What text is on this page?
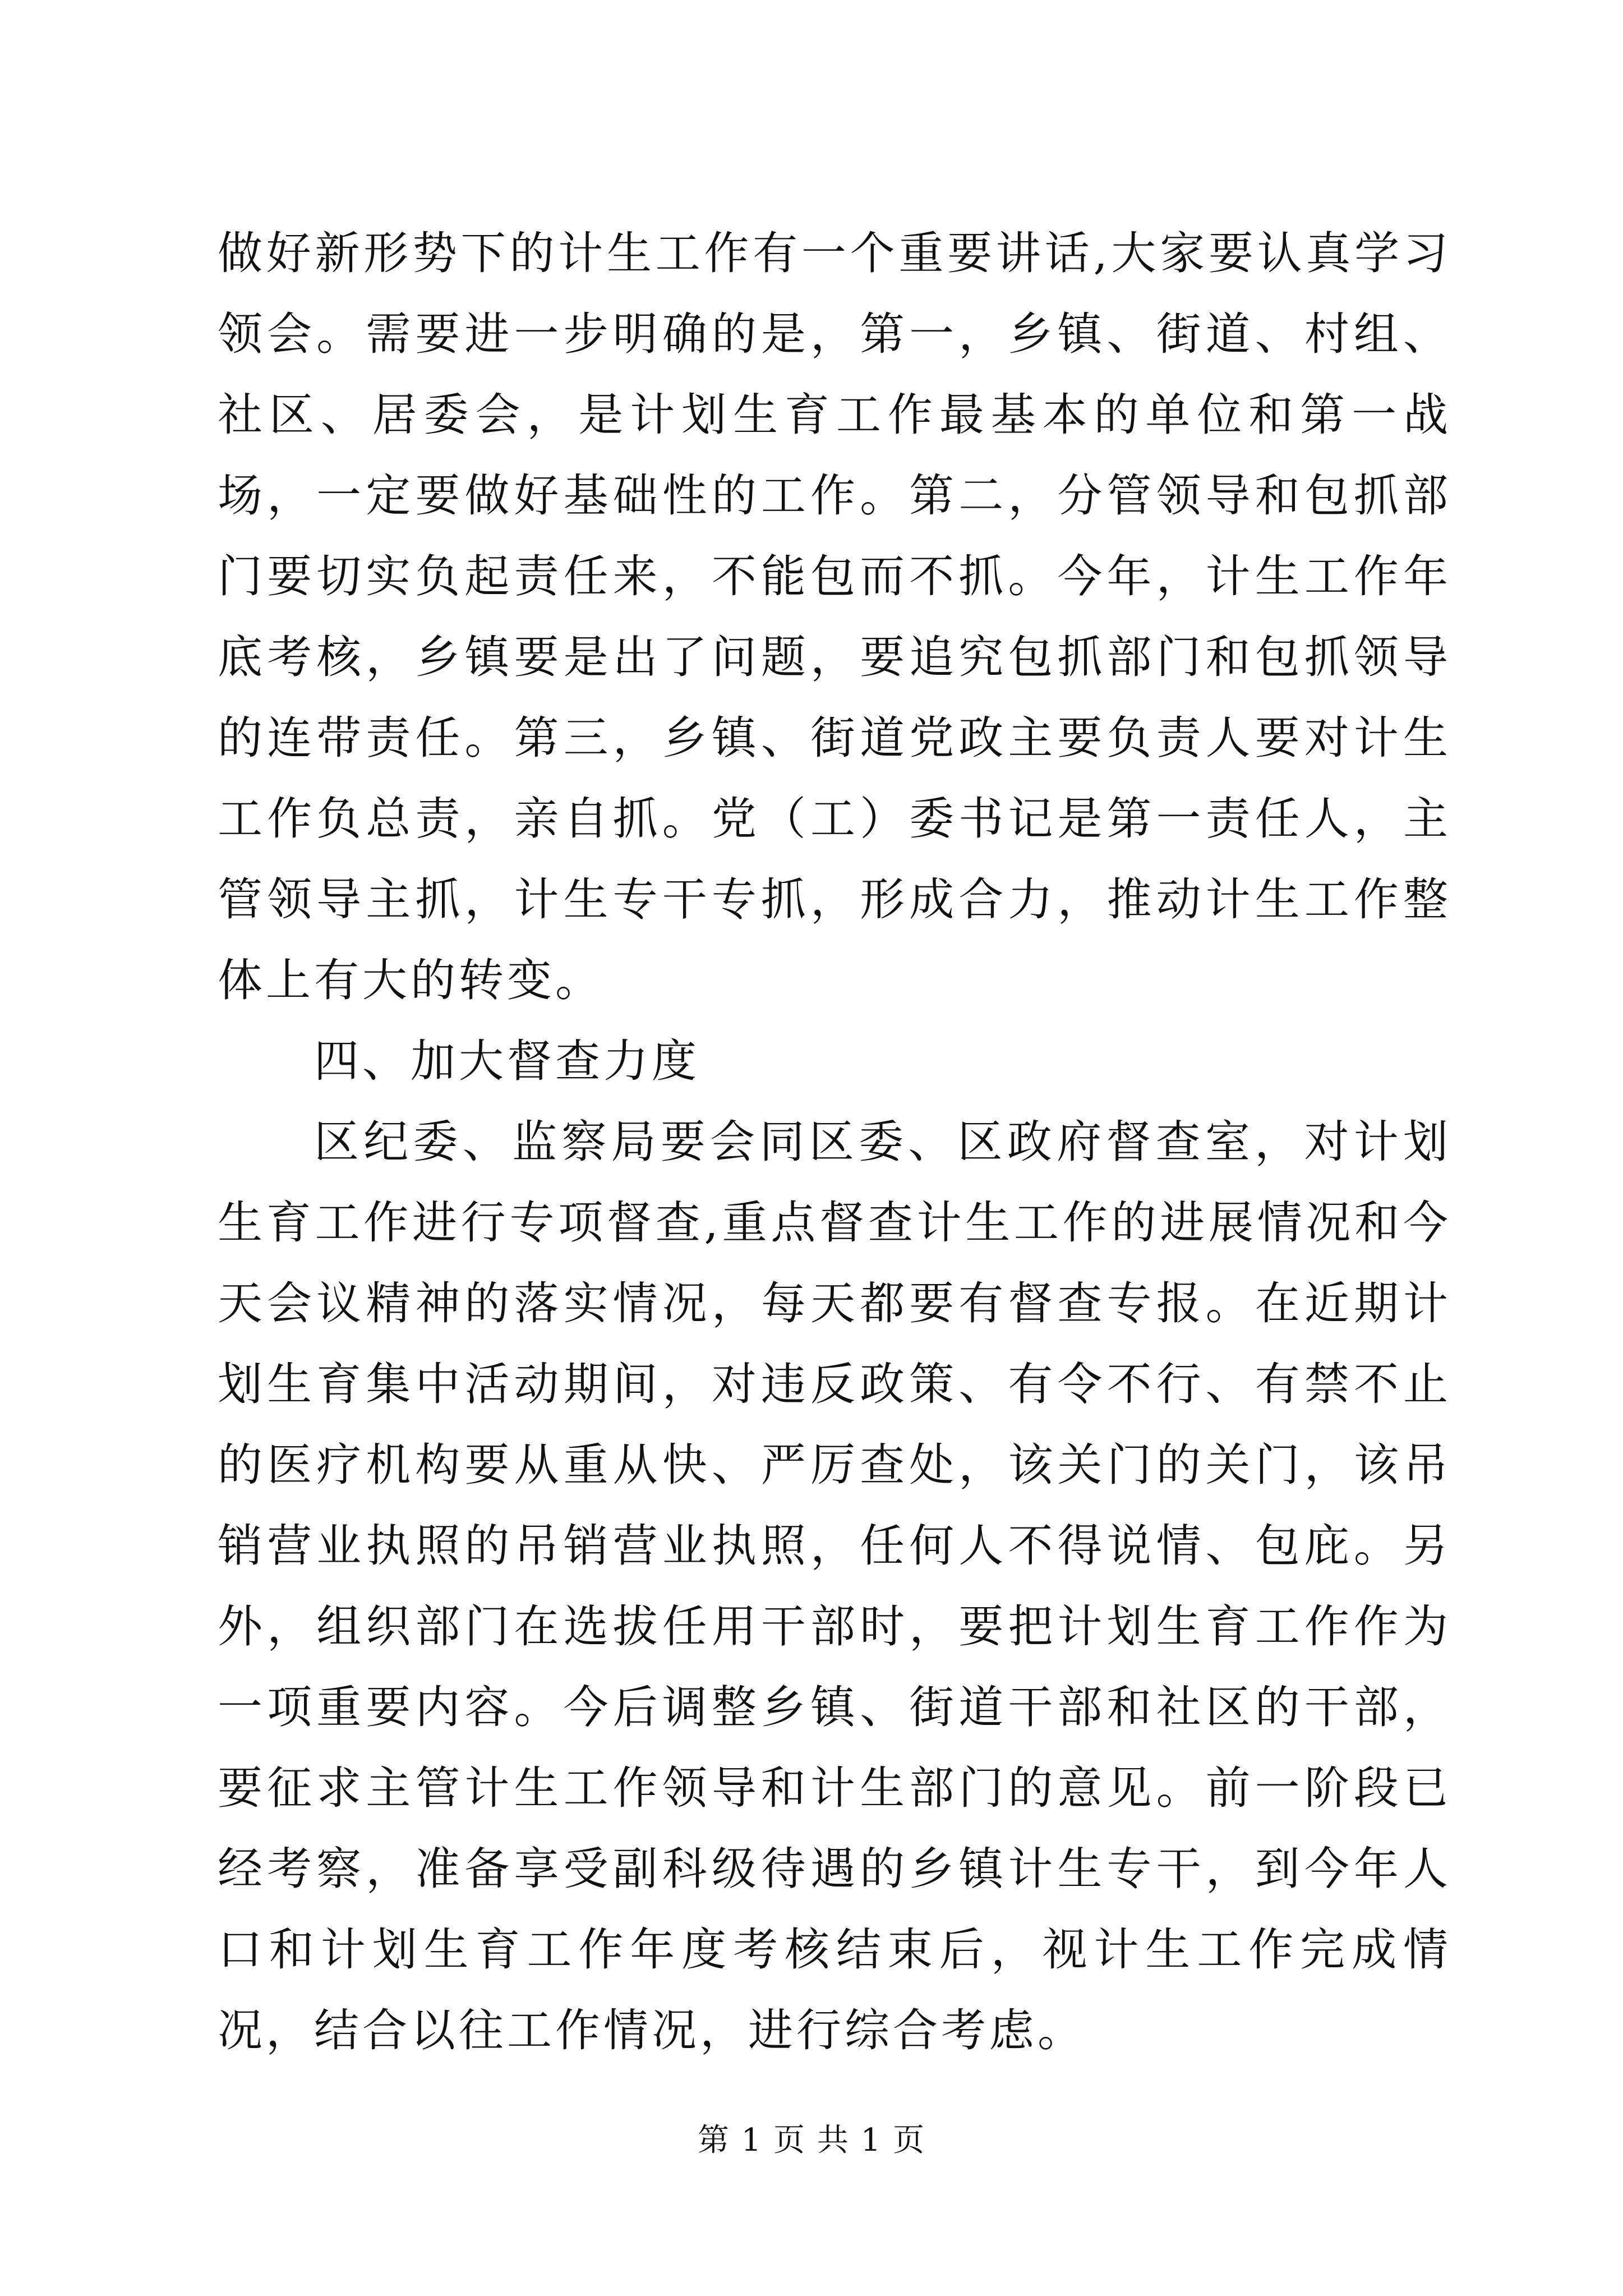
做好新形势下的计生工作有一个重要讲话,大家要认真学习领会。需要进一步明确的是，第一，乡镇、街道、村组、社区、居委会，是计划生育工作最基本的单位和第一战场，一定要做好基础性的工作。第二，分管领导和包抓部门要切实负起责任来，不能包而不抓。今年，计生工作年底考核，乡镇要是出了问题，要追究包抓部门和包抓领导的连带责任。第三，乡镇、街道党政主要负责人要对计生工作负总责，亲自抓。党（工）委书记是第一责任人，主管领导主抓，计生专干专抓，形成合力，推动计生工作整体上有大的转变。

四、加大督查力度

区纪委、监察局要会同区委、区政府督查室，对计划生育工作进行专项督查,重点督查计生工作的进展情况和今天会议精神的落实情况，每天都要有督查专报。在近期计划生育集中活动期间，对违反政策、有令不行、有禁不止的医疗机构要从重从快、严厉查处，该关门的关门，该吊销营业执照的吊销营业执照，任何人不得说情、包庇。另外，组织部门在选拔任用干部时，要把计划生育工作作为一项重要内容。今后调整乡镇、街道干部和社区的干部，要征求主管计生工作领导和计生部门的意见。前一阶段已经考察，准备享受副科级待遇的乡镇计生专干，到今年人口和计划生育工作年度考核结束后，视计生工作完成情况，结合以往工作情况，进行综合考虑。

第 1 页 共 1 页
